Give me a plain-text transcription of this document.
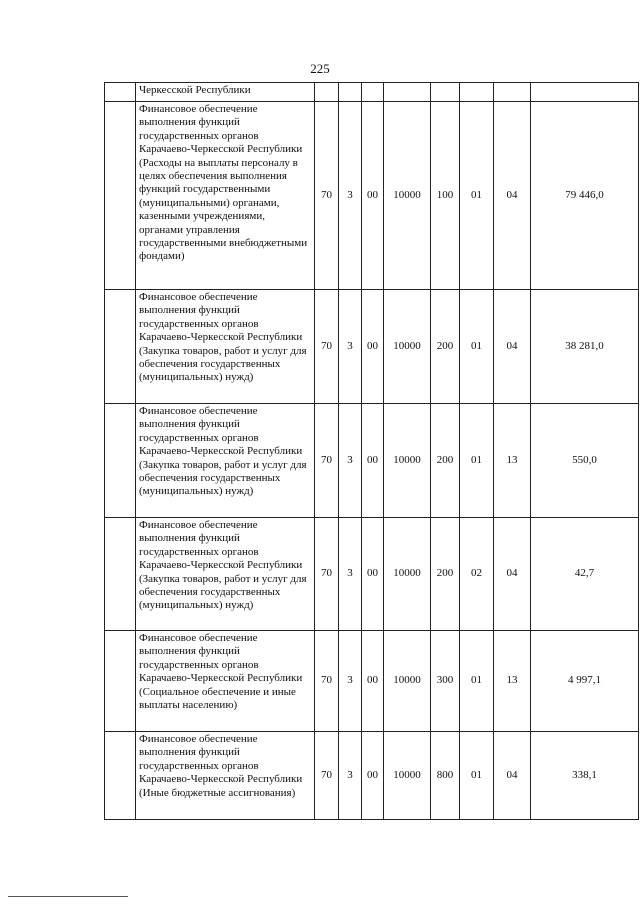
225
	Черкесской Республики								
	Финансовое обеспечение выполнения функций государственных органов Карачаево-Черкесской Республики (Расходы на выплаты персоналу в целях обеспечения выполнения функций государственными (муниципальными) органами, казенными учреждениями, органами управления государственными внебюджетными фондами)	70	3	00	10000	100	01	04	79 446,0
	Финансовое обеспечение выполнения функций государственных органов Карачаево-Черкесской Республики (Закупка товаров, работ и услуг для обеспечения государственных (муниципальных) нужд)	70	3	00	10000	200	01	04	38 281,0
	Финансовое обеспечение выполнения функций государственных органов Карачаево-Черкесской Республики (Закупка товаров, работ и услуг для обеспечения государственных (муниципальных) нужд)	70	3	00	10000	200	01	13	550,0
	Финансовое обеспечение выполнения функций государственных органов Карачаево-Черкесской Республики (Закупка товаров, работ и услуг для обеспечения государственных (муниципальных) нужд)	70	3	00	10000	200	02	04	42,7
	Финансовое обеспечение выполнения функций государственных органов Карачаево-Черкесской Республики (Социальное обеспечение и иные выплаты населению)	70	3	00	10000	300	01	13	4 997,1
	Финансовое обеспечение выполнения функций государственных органов Карачаево-Черкесской Республики (Иные бюджетные ассигнования)	70	3	00	10000	800	01	04	338,1
